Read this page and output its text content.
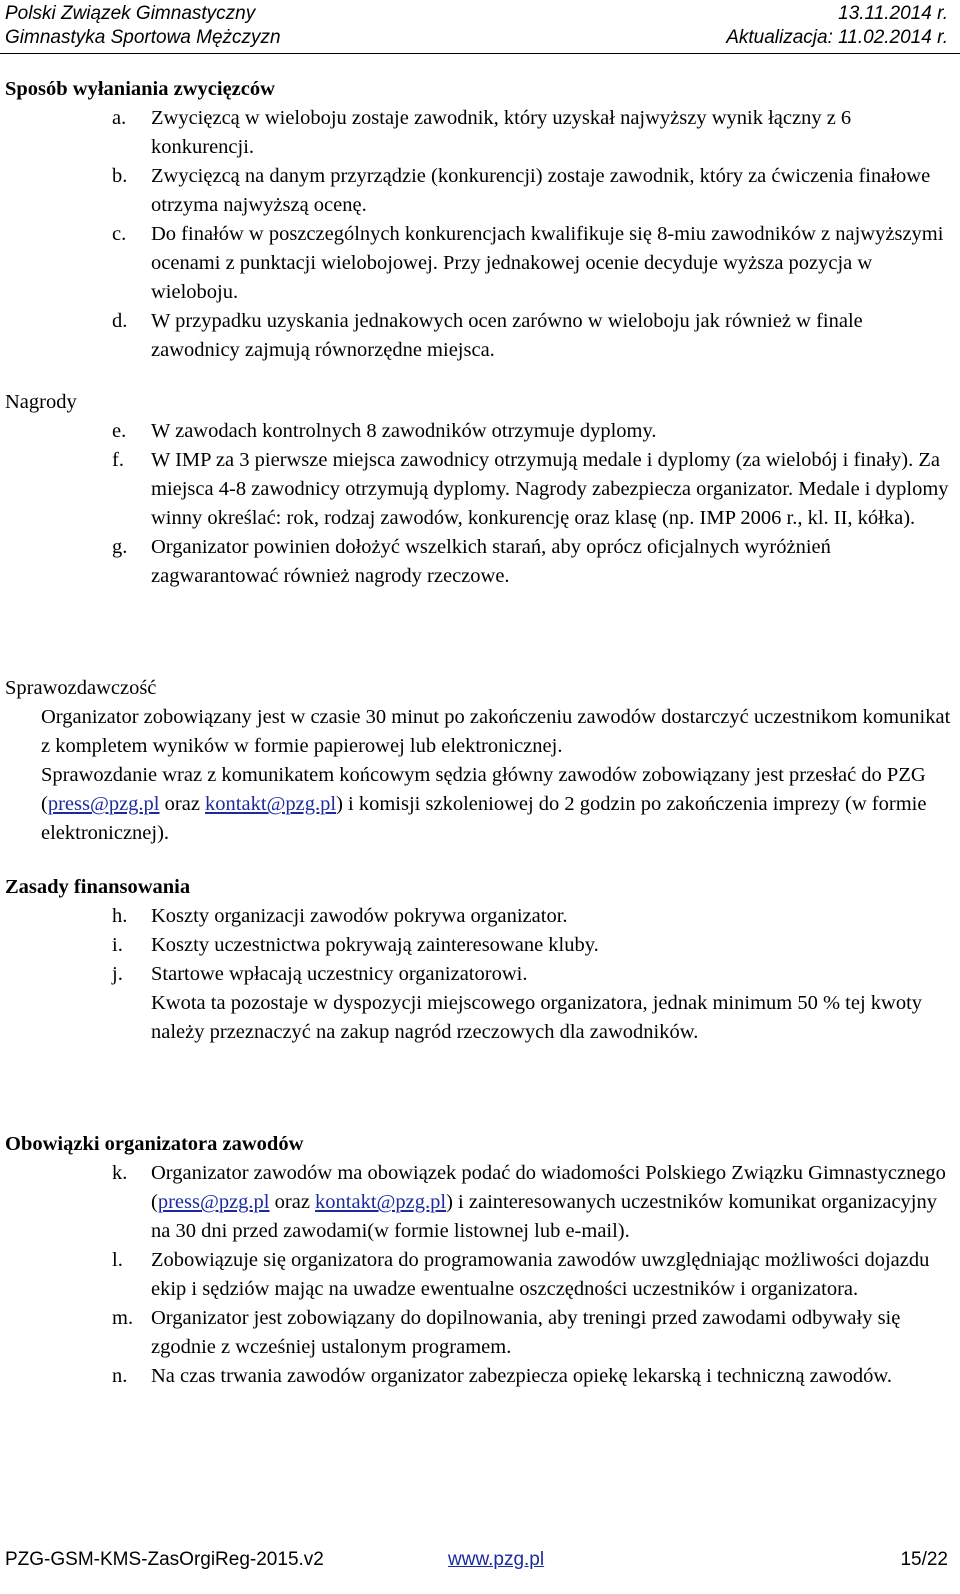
Polski Związek Gimnastyczny	13.11.2014 r.
Gimnastyka Sportowa Mężczyzn	Aktualizacja: 11.02.2014 r.
Sposób wyłaniania zwycięzców
a. Zwycięzcą w wieloboju zostaje zawodnik, który uzyskał najwyższy wynik łączny z 6 konkurencji.
b. Zwycięzcą na danym przyrządzie (konkurencji) zostaje zawodnik, który za ćwiczenia finałowe otrzyma najwyższą ocenę.
c. Do finałów w poszczególnych konkurencjach kwalifikuje się 8-miu zawodników z najwyższymi ocenami z punktacji wielobojowej. Przy jednakowej ocenie decyduje wyższa pozycja w wieloboju.
d. W przypadku uzyskania jednakowych ocen zarówno w wieloboju jak również w finale zawodnicy zajmują równorzędne miejsca.
Nagrody
e. W zawodach kontrolnych 8 zawodników otrzymuje dyplomy.
f. W IMP za 3 pierwsze miejsca zawodnicy otrzymują medale i dyplomy (za wielobój i finały). Za miejsca 4-8 zawodnicy otrzymują dyplomy. Nagrody zabezpiecza organizator. Medale i dyplomy winny określać: rok, rodzaj zawodów, konkurencję oraz klasę (np. IMP 2006 r., kl. II, kółka).
g. Organizator powinien dołożyć wszelkich starań, aby oprócz oficjalnych wyróżnień zagwarantować również nagrody rzeczowe.
Sprawozdawczość
Organizator zobowiązany jest w czasie 30 minut po zakończeniu zawodów dostarczyć uczestnikom komunikat z kompletem wyników w formie papierowej lub elektronicznej.
Sprawozdanie wraz z komunikatem końcowym sędzia główny zawodów zobowiązany jest przesłać do PZG (press@pzg.pl oraz kontakt@pzg.pl) i komisji szkoleniowej do 2 godzin po zakończenia imprezy (w formie elektronicznej).
Zasady finansowania
h. Koszty organizacji zawodów pokrywa organizator.
i. Koszty uczestnictwa pokrywają zainteresowane kluby.
j. Startowe wpłacają uczestnicy organizatorowi.
Kwota ta pozostaje w dyspozycji miejscowego organizatora, jednak minimum 50 % tej kwoty należy przeznaczyć na zakup nagród rzeczowych dla zawodników.
Obowiązki organizatora zawodów
k. Organizator zawodów ma obowiązek podać do wiadomości Polskiego Związku Gimnastycznego (press@pzg.pl oraz kontakt@pzg.pl) i zainteresowanych uczestników komunikat organizacyjny na 30 dni przed zawodami(w formie listownej lub e-mail).
l. Zobowiązuje się organizatora do programowania zawodów uwzględniając możliwości dojazdu ekip i sędziów mając na uwadze ewentualne oszczędności uczestników i organizatora.
m. Organizator jest zobowiązany do dopilnowania, aby treningi przed zawodami odbywały się zgodnie z wcześniej ustalonym programem.
n. Na czas trwania zawodów organizator zabezpiecza opiekę lekarską i techniczną zawodów.
PZG-GSM-KMS-ZasOrgiReg-2015.v2	www.pzg.pl	15/22
